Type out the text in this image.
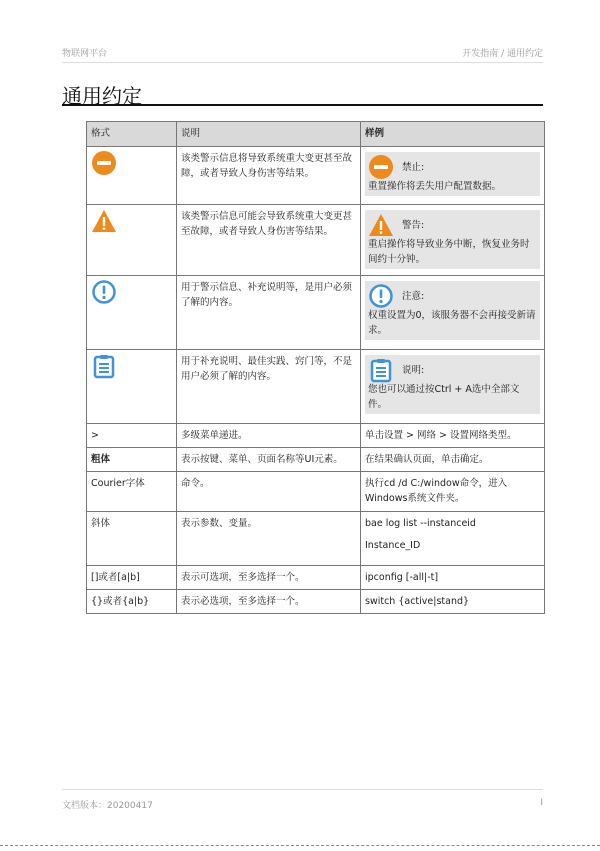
物联网平台	开发指南 / 通用约定
通用约定
格式	说明	样例
	该类警示信息将导致系统重大变更甚至故障，或者导致人身伤害等结果。	禁止:
重置操作将丢失用户配置数据。

	该类警示信息可能会导致系统重大变更甚至故障，或者导致人身伤害等结果。	警告:
重启操作将导致业务中断，恢复业务时间约十分钟。

	用于警示信息、补充说明等，是用户必须了解的内容。	注意:
权重设置为0，该服务器不会再接受新请求。

	用于补充说明、最佳实践、窍门等，不是用户必须了解的内容。	说明:
您也可以通过按Ctrl + A选中全部文件。

>	多级菜单递进。	单击设置 > 网络 > 设置网络类型。
粗体	表示按键、菜单、页面名称等UI元素。	在结果确认页面，单击确定。
Courier字体	命令。	执行cd /d C:/window命令，进入Windows系统文件夹。
斜体	表示参数、变量。	bae log list --instanceid
Instance_ID

[]或者[a|b]	表示可选项，至多选择一个。	ipconfig [-all|-t]
{}或者{a|b}	表示必选项，至多选择一个。	switch {active|stand}
文档版本：20200417	I
